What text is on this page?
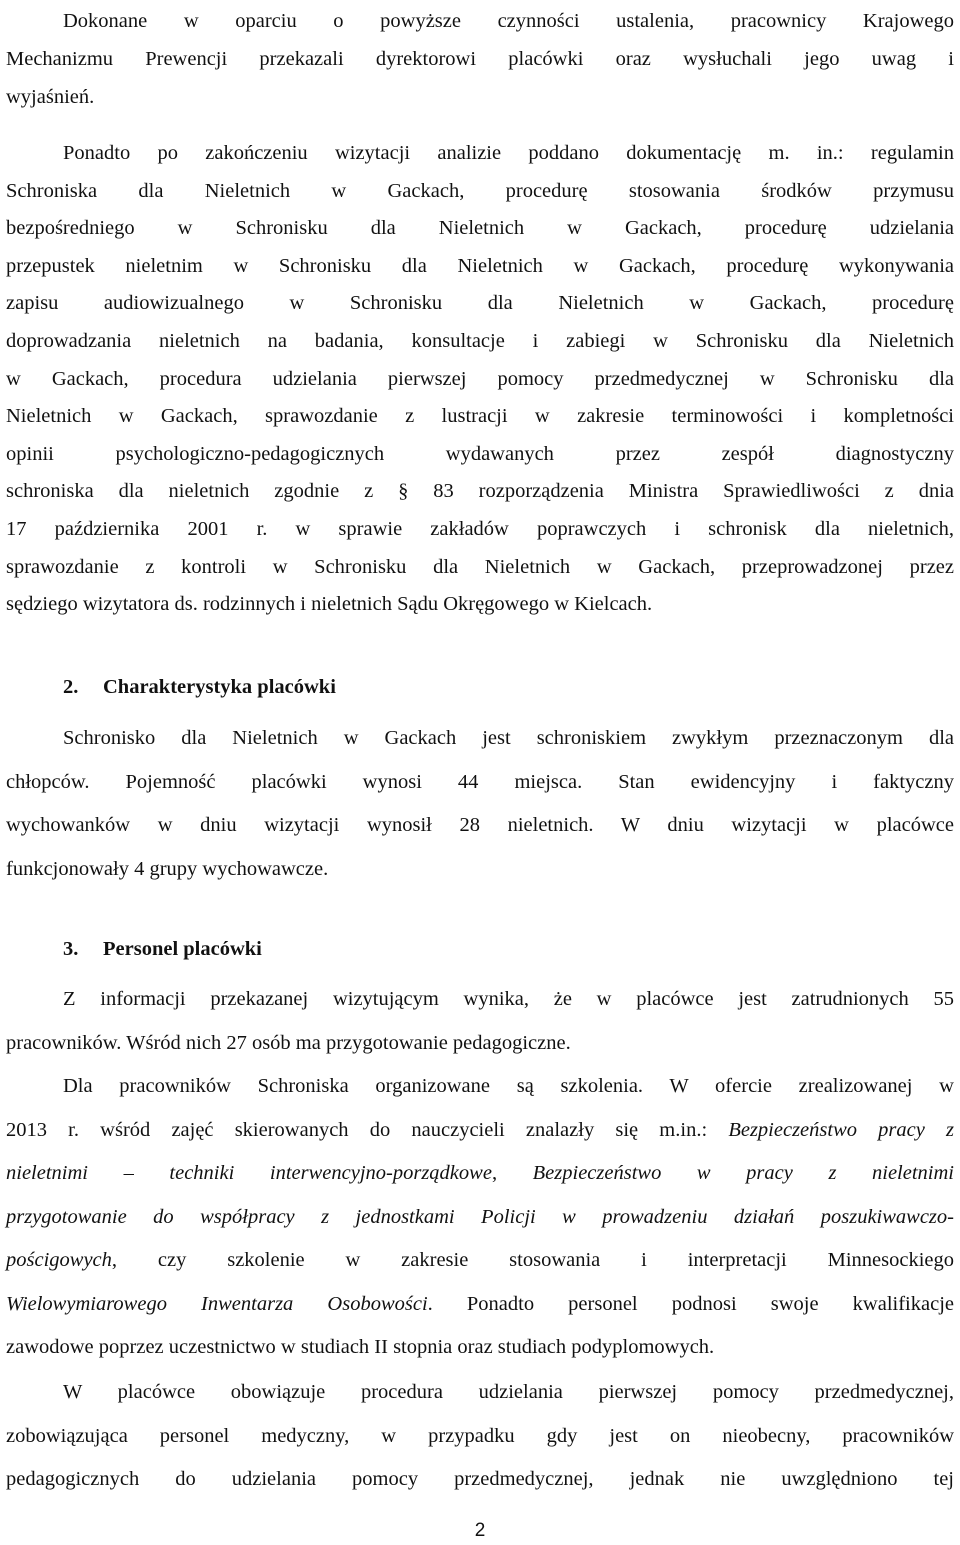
Dokonane w oparciu o powyższe czynności ustalenia, pracownicy Krajowego
Mechanizmu Prewencji przekazali dyrektorowi placówki oraz wysłuchali jego uwag i
wyjaśnień.
Ponadto po zakończeniu wizytacji analizie poddano dokumentację m. in.: regulamin
Schroniska dla Nieletnich w Gackach, procedurę stosowania środków przymusu
bezpośredniego w Schronisku dla Nieletnich w Gackach, procedurę udzielania
przepustek nieletnim w Schronisku dla Nieletnich w Gackach, procedurę wykonywania
zapisu audiowizualnego w Schronisku dla Nieletnich w Gackach, procedurę
doprowadzania nieletnich na badania, konsultacje i zabiegi w Schronisku dla Nieletnich
w Gackach, procedura udzielania pierwszej pomocy przedmedycznej w Schronisku dla
Nieletnich w Gackach, sprawozdanie z lustracji w zakresie terminowości i kompletności
opinii psychologiczno-pedagogicznych wydawanych przez zespół diagnostyczny
schroniska dla nieletnich zgodnie z § 83 rozporządzenia Ministra Sprawiedliwości z dnia
17 października 2001 r. w sprawie zakładów poprawczych i schronisk dla nieletnich,
sprawozdanie z kontroli w Schronisku dla Nieletnich w Gackach, przeprowadzonej przez
sędziego wizytatora ds. rodzinnych i nieletnich Sądu Okręgowego w Kielcach.
2. Charakterystyka placówki
Schronisko dla Nieletnich w Gackach jest schroniskiem zwykłym przeznaczonym dla
chłopców. Pojemność placówki wynosi 44 miejsca. Stan ewidencyjny i faktyczny
wychowanków w dniu wizytacji wynosił 28 nieletnich. W dniu wizytacji w placówce
funkcjonowały 4 grupy wychowawcze.
3. Personel placówki
Z informacji przekazanej wizytującym wynika, że w placówce jest zatrudnionych 55
pracowników. Wśród nich 27 osób ma przygotowanie pedagogiczne.
Dla pracowników Schroniska organizowane są szkolenia. W ofercie zrealizowanej w
2013 r. wśród zajęć skierowanych do nauczycieli znalazły się m.in.: Bezpieczeństwo pracy z
nieletnimi – techniki interwencyjno-porządkowe, Bezpieczeństwo w pracy z nieletnimi
przygotowanie do współpracy z jednostkami Policji w prowadzeniu działań poszukiwawczo-
pościgowych, czy szkolenie w zakresie stosowania i interpretacji Minnesockiego
Wielowymiarowego Inwentarza Osobowości. Ponadto personel podnosi swoje kwalifikacje
zawodowe poprzez uczestnictwo w studiach II stopnia oraz studiach podyplomowych.
W placówce obowiązuje procedura udzielania pierwszej pomocy przedmedycznej,
zobowiązująca personel medyczny, w przypadku gdy jest on nieobecny, pracowników
pedagogicznych do udzielania pomocy przedmedycznej, jednak nie uwzględniono tej
2
